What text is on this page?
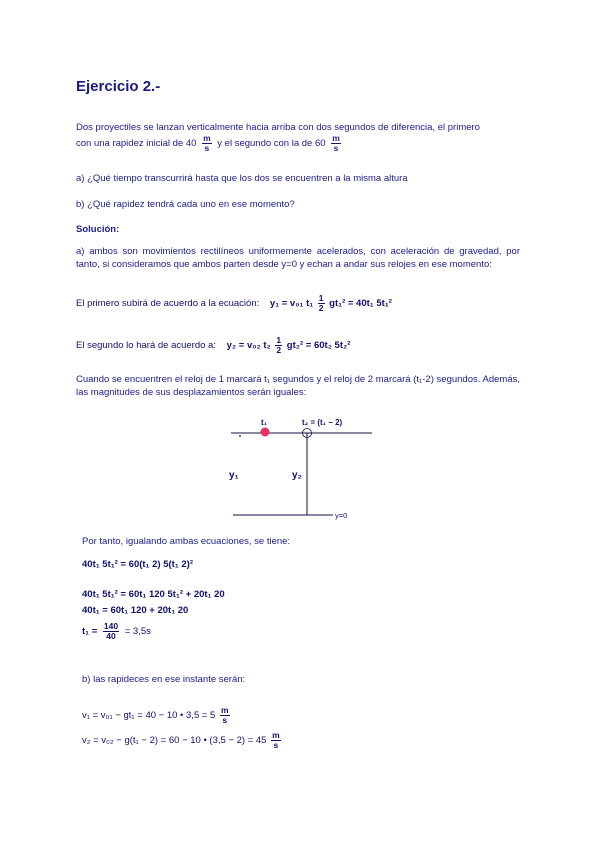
Ejercicio 2.-
Dos proyectiles se lanzan verticalmente hacia arriba con dos segundos de diferencia, el primero
con una rapidez inicial de $40 \frac{m}{s}$ y el segundo con la de $60 \frac{m}{s}$
a) ¿Qué tiempo transcurrirá hasta que los dos se encuentren a la misma altura
b) ¿Qué rapidez tendrá cada uno en ese momento?
Solución:
a) ambos son movimientos rectilíneos uniformemente acelerados, con aceleración de gravedad, por tanto, si consideramos que ambos parten desde y=0 y echan a andar sus relojes en ese momento:
El primero subirá de acuerdo a la ecuación: y₁ = v₀₁ $t_1 \frac{1}{2} gt_1^2 = 40t_1$ 5t₁²
El segundo lo hará de acuerdo a: y₂ = v₀₂ $t_2 \frac{1}{2} gt_2^2 = 60t_2$ 5t₂²
Cuando se encuentren el reloj de 1 marcará t₁ segundos y el reloj de 2 marcará (t₁-2) segundos. Además, las magnitudes de sus desplazamientos serán iguales:
t₁	t₂ = (t₁ − 2)
y₁	y₂
y=0
Por tanto, igualando ambas ecuaciones, se tiene:
40t₁ 5t₁² = 60(t₁ 2) 5(t₁ 2)²
40t₁ 5t₁² = 60t₁ 120 5t₁² + 20t₁ 20
40t₁ = 60t₁ 120 + 20t₁ 20
$t_1 = \frac{140}{40} = 3,5s$
b) las rapideces en ese instante serán:
v₁ = v₀₁ − gt₁ = 40 − 10 • $3,5 = 5 \frac{m}{s}$
v₂ = v₀₂ − g(t₁ − 2) = 60 − 10 • $(3,5 - 2) = 45 \frac{m}{s}$
